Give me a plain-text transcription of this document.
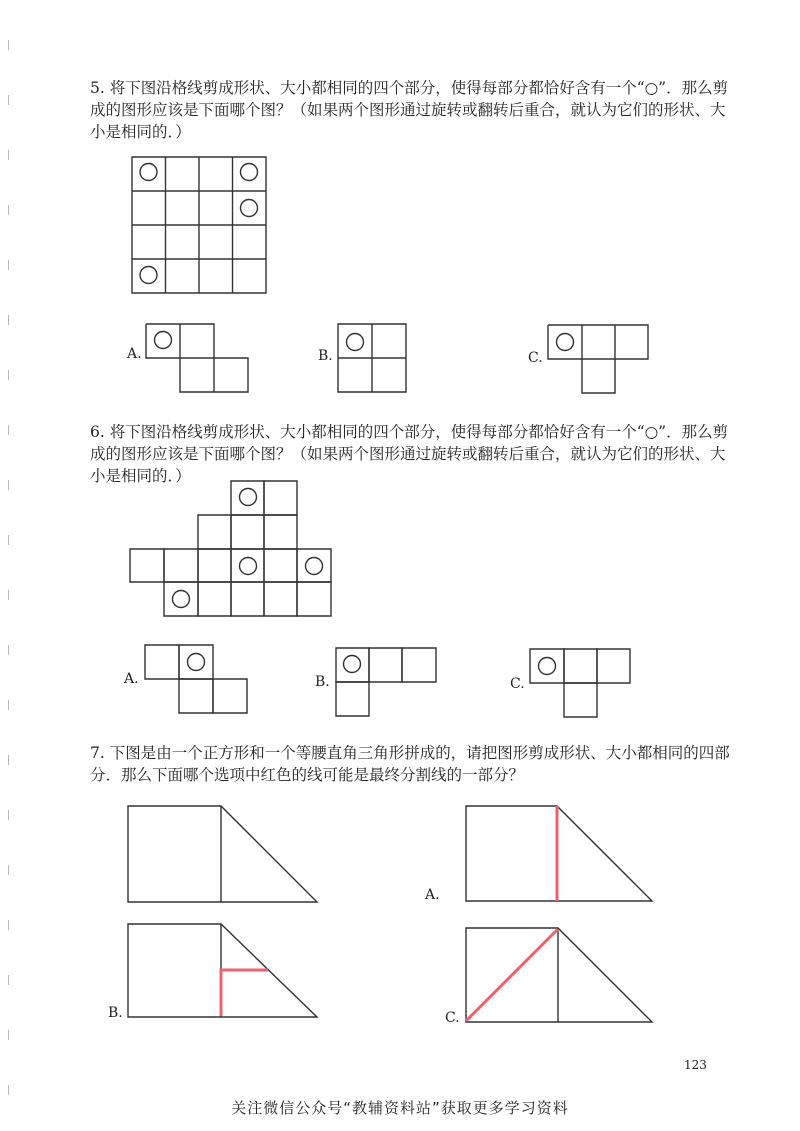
5. 将下图沿格线剪成形状、大小都相同的四个部分，使得每部分都恰好含有一个“○”．那么剪成的图形应该是下面哪个图？（如果两个图形通过旋转或翻转后重合，就认为它们的形状、大小是相同的．）

6. 将下图沿格线剪成形状、大小都相同的四个部分，使得每部分都恰好含有一个“○”．那么剪成的图形应该是下面哪个图？（如果两个图形通过旋转或翻转后重合，就认为它们的形状、大小是相同的．）

7. 下图是由一个正方形和一个等腰直角三角形拼成的，请把图形剪成形状、大小都相同的四部分．那么下面哪个选项中红色的线可能是最终分割线的一部分？

A.	B.	C.
A.	B.	C.
A.
B.	C.
123
关注微信公众号“教辅资料站”获取更多学习资料
